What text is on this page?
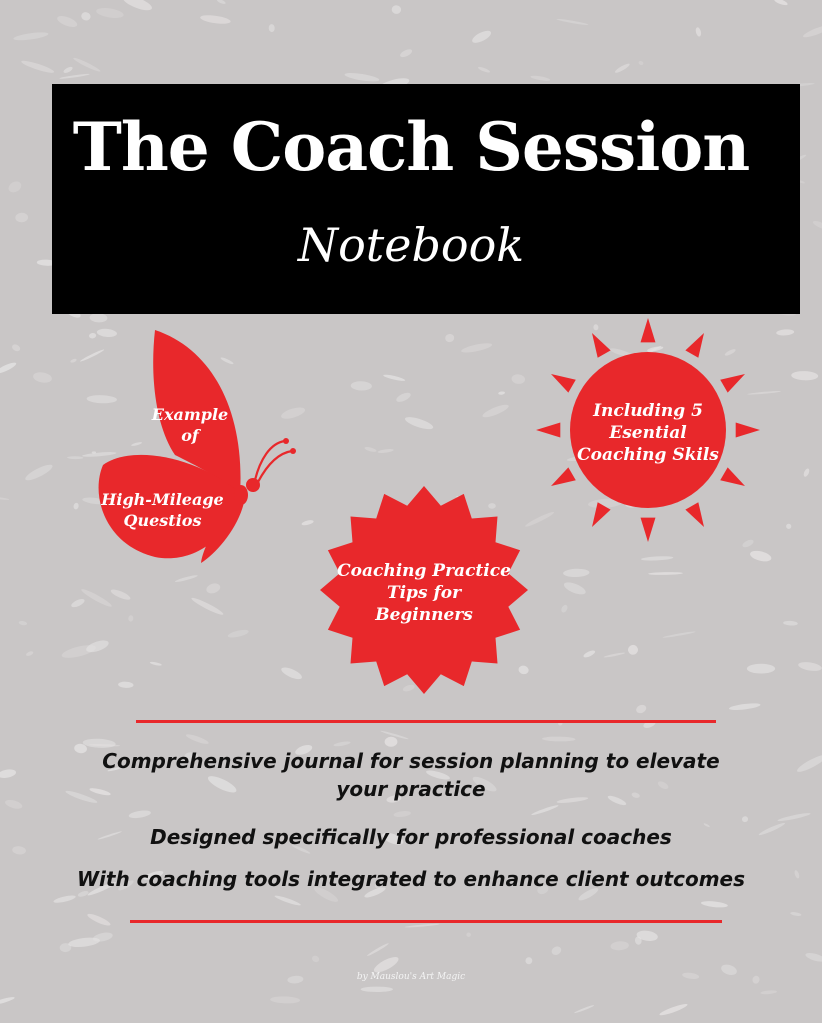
The Coach Session
Notebook
Example
of
High-Mileage
Questios
Including 5
Esential
Coaching Skils
Coaching Practice
Tips for
Beginners
Comprehensive journal for session planning to elevate your practice
Designed specifically for professional coaches
With coaching tools integrated to enhance client outcomes
by Mauslou's Art Magic
